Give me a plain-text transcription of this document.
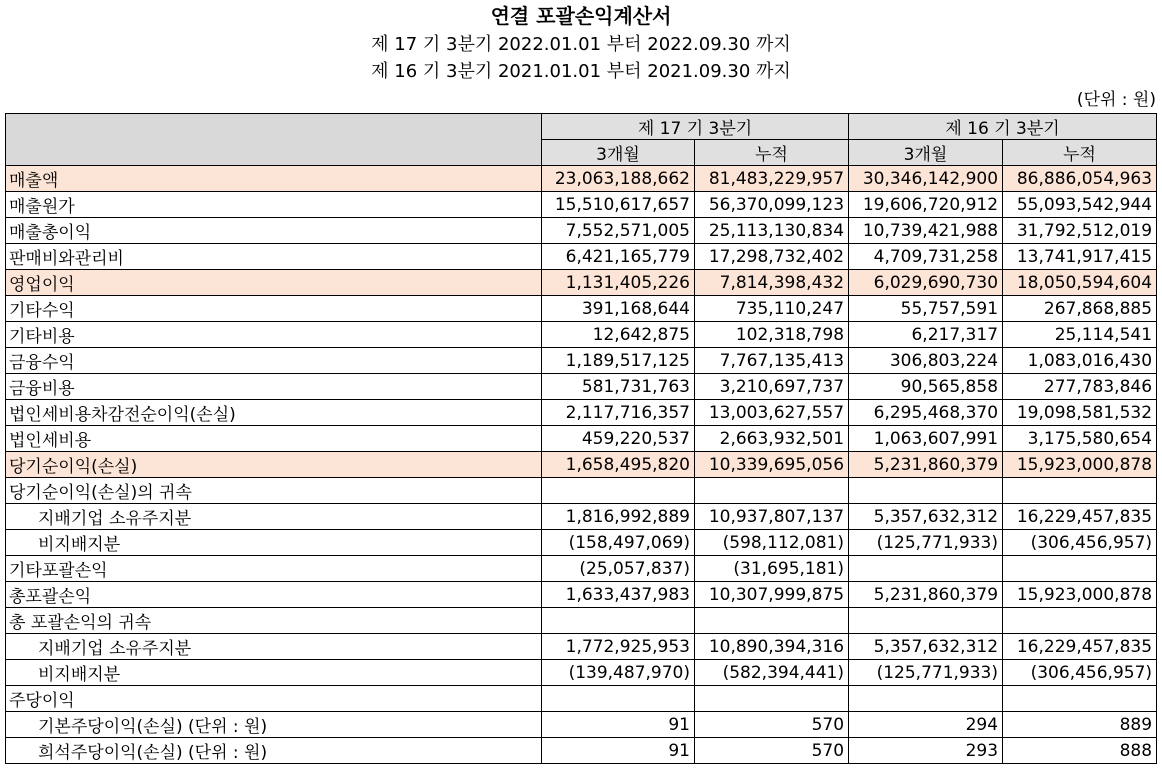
연결 포괄손익계산서
제 17 기 3분기 2022.01.01 부터 2022.09.30 까지
제 16 기 3분기 2021.01.01 부터 2021.09.30 까지
(단위 : 원)
	제 17 기 3분기		제 16 기 3분기	
	3개월	누적	3개월	누적
매출액	23,063,188,662	81,483,229,957	30,346,142,900	86,886,054,963
매출원가	15,510,617,657	56,370,099,123	19,606,720,912	55,093,542,944
매출총이익	7,552,571,005	25,113,130,834	10,739,421,988	31,792,512,019
판매비와관리비	6,421,165,779	17,298,732,402	4,709,731,258	13,741,917,415
영업이익	1,131,405,226	7,814,398,432	6,029,690,730	18,050,594,604
기타수익	391,168,644	735,110,247	55,757,591	267,868,885
기타비용	12,642,875	102,318,798	6,217,317	25,114,541
금융수익	1,189,517,125	7,767,135,413	306,803,224	1,083,016,430
금융비용	581,731,763	3,210,697,737	90,565,858	277,783,846
법인세비용차감전순이익(손실)	2,117,716,357	13,003,627,557	6,295,468,370	19,098,581,532
법인세비용	459,220,537	2,663,932,501	1,063,607,991	3,175,580,654
당기순이익(손실)	1,658,495,820	10,339,695,056	5,231,860,379	15,923,000,878
당기순이익(손실)의 귀속				
지배기업 소유주지분	1,816,992,889	10,937,807,137	5,357,632,312	16,229,457,835
비지배지분	(158,497,069)	(598,112,081)	(125,771,933)	(306,456,957)
기타포괄손익	(25,057,837)	(31,695,181)		
총포괄손익	1,633,437,983	10,307,999,875	5,231,860,379	15,923,000,878
총 포괄손익의 귀속				
지배기업 소유주지분	1,772,925,953	10,890,394,316	5,357,632,312	16,229,457,835
비지배지분	(139,487,970)	(582,394,441)	(125,771,933)	(306,456,957)
주당이익				
기본주당이익(손실) (단위 : 원)	91	570	294	889
희석주당이익(손실) (단위 : 원)	91	570	293	888
